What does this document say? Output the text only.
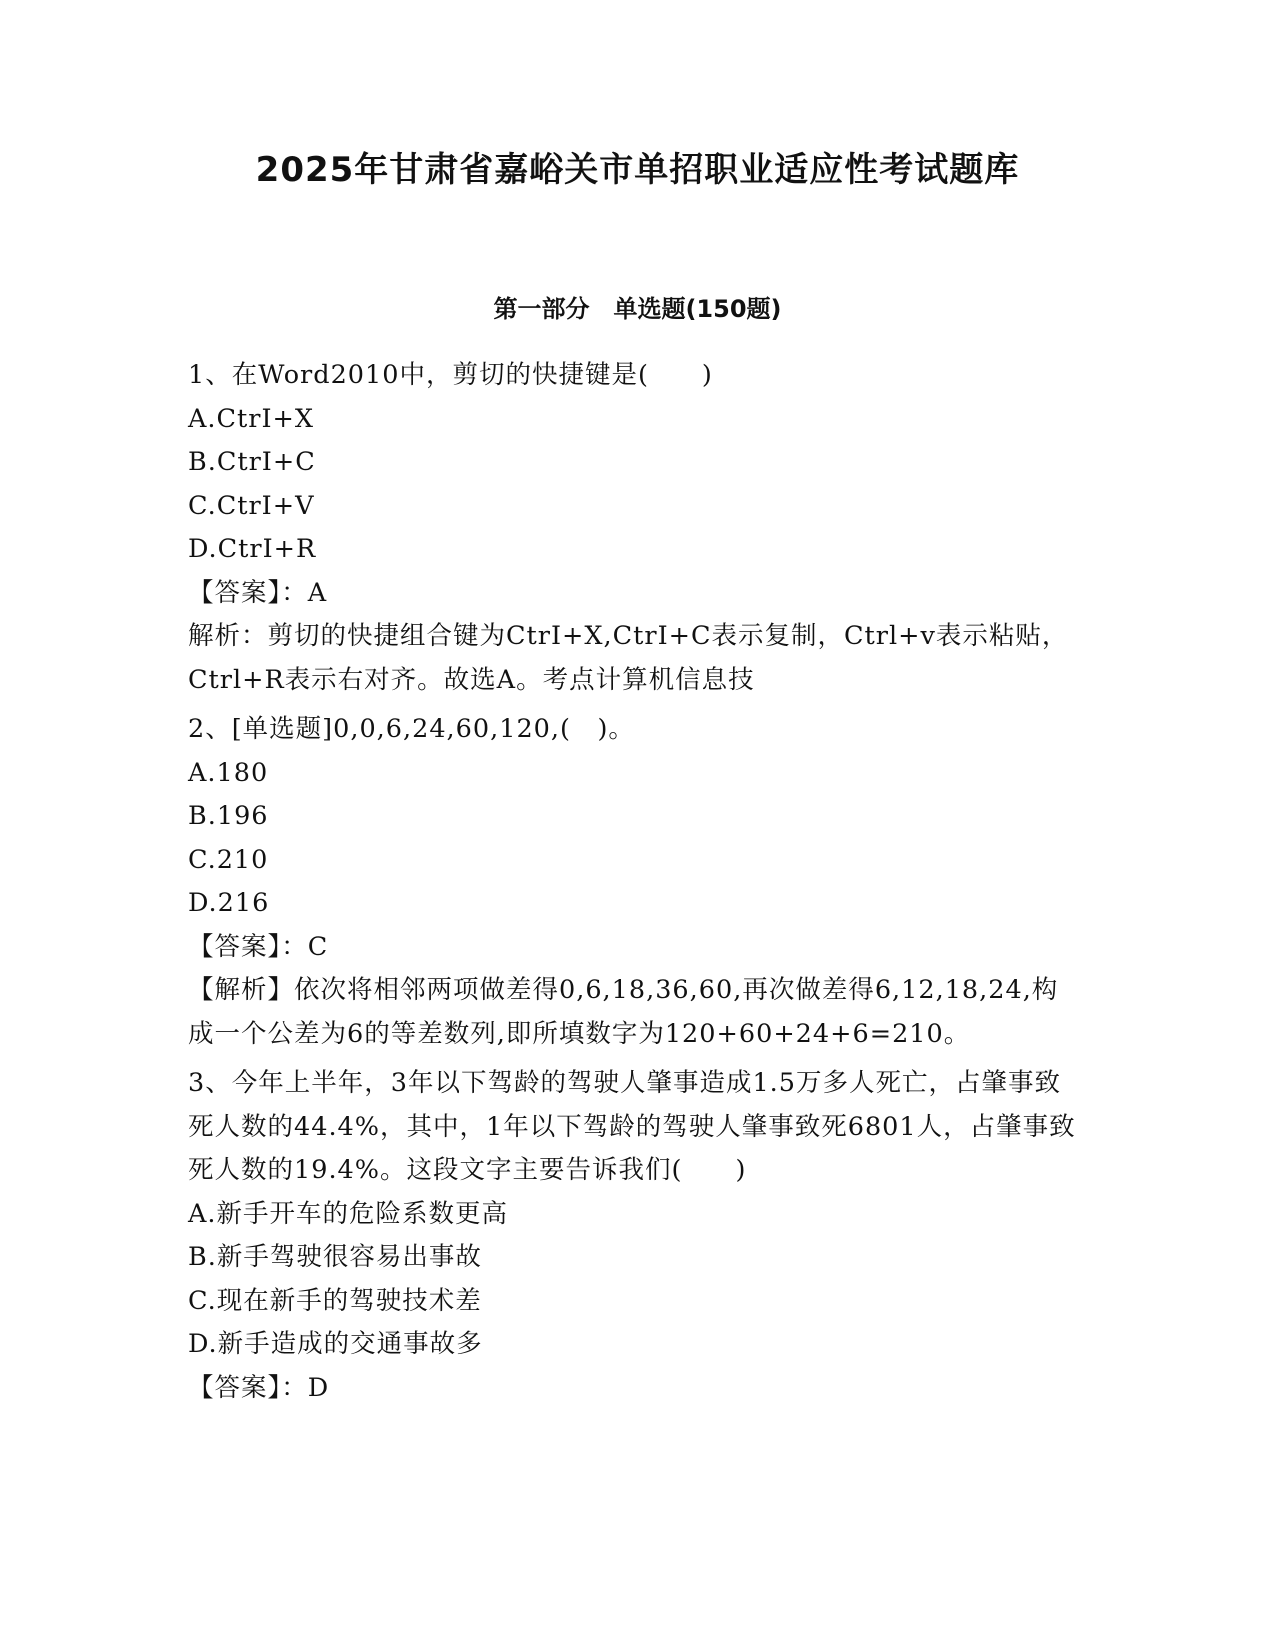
2025年甘肃省嘉峪关市单招职业适应性考试题库
第一部分　单选题(150题)
1、在Word2010中，剪切的快捷键是(　　)
A.CtrI+X
B.CtrI+C
C.CtrI+V
D.CtrI+R
【答案】：A
解析：剪切的快捷组合键为CtrI+X,CtrI+C表示复制，Ctrl+v表示粘贴，Ctrl+R表示右对齐。故选A。考点计算机信息技
2、[单选题]0,0,6,24,60,120,(　)。
A.180
B.196
C.210
D.216
【答案】：C
【解析】依次将相邻两项做差得0,6,18,36,60,再次做差得6,12,18,24,构成一个公差为6的等差数列,即所填数字为120+60+24+6=210。
3、今年上半年，3年以下驾龄的驾驶人肇事造成1.5万多人死亡，占肇事致死人数的44.4%，其中，1年以下驾龄的驾驶人肇事致死6801人，占肇事致死人数的19.4%。这段文字主要告诉我们(　　)
A.新手开车的危险系数更高
B.新手驾驶很容易出事故
C.现在新手的驾驶技术差
D.新手造成的交通事故多
【答案】：D
